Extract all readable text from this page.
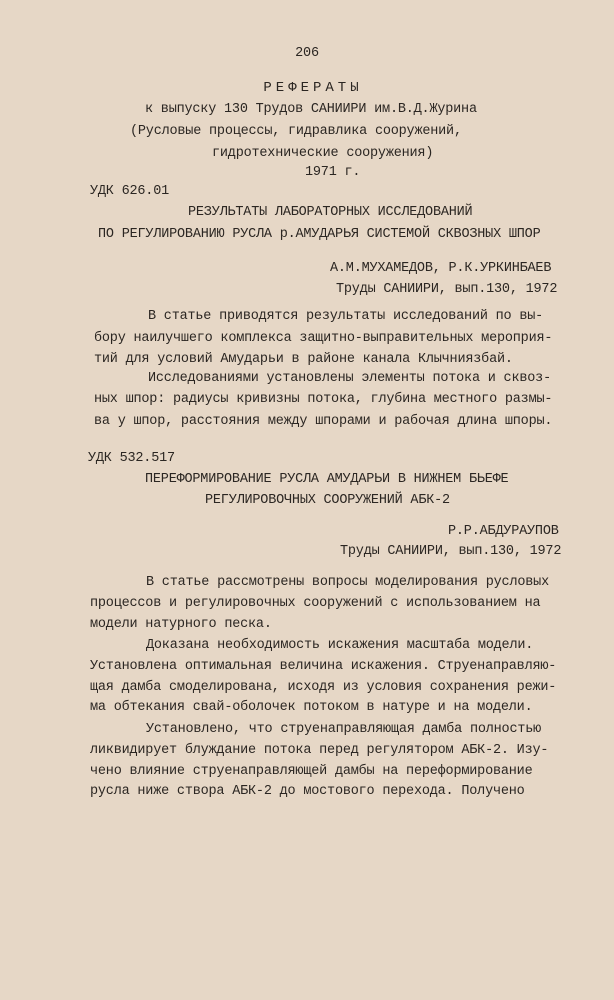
206
РЕФЕРАТЫ
к выпуску 130 Трудов САНИИРИ им.В.Д.Журина
(Русловые процессы, гидравлика сооружений,
гидротехнические сооружения)
1971 г.
УДК 626.01
РЕЗУЛЬТАТЫ ЛАБОРАТОРНЫХ ИССЛЕДОВАНИЙ
ПО РЕГУЛИРОВАНИЮ РУСЛА р.АМУДАРЬЯ СИСТЕМОЙ СКВОЗНЫХ ШПОР
А.М.МУХАМЕДОВ, Р.К.УРКИНБАЕВ
Труды САНИИРИ, вып.130, 1972
В статье приводятся результаты исследований по вы-
бору наилучшего комплекса защитно-выправительных мероприя-
тий для условий Амударьи в районе канала Клычниязбай.
Исследованиями установлены элементы потока и сквоз-
ных шпор: радиусы кривизны потока, глубина местного размы-
ва у шпор, расстояния между шпорами и рабочая длина шпоры.
УДК 532.517
ПЕРЕФОРМИРОВАНИЕ РУСЛА АМУДАРЬИ В НИЖНЕМ БЬЕФЕ
РЕГУЛИРОВОЧНЫХ СООРУЖЕНИЙ АБК-2
Р.Р.АБДУРАУПОВ
Труды САНИИРИ, вып.130, 1972
В статье рассмотрены вопросы моделирования русловых
процессов и регулировочных сооружений с использованием на
модели натурного песка.
Доказана необходимость искажения масштаба модели.
Установлена оптимальная величина искажения. Струенаправляю-
щая дамба смоделирована, исходя из условия сохранения режи-
ма обтекания свай-оболочек потоком в натуре и на модели.
Установлено, что струенаправляющая дамба полностью
ликвидирует блуждание потока перед регулятором АБК-2. Изу-
чено влияние струенаправляющей дамбы на переформирование
русла ниже створа АБК-2 до мостового перехода. Получено
